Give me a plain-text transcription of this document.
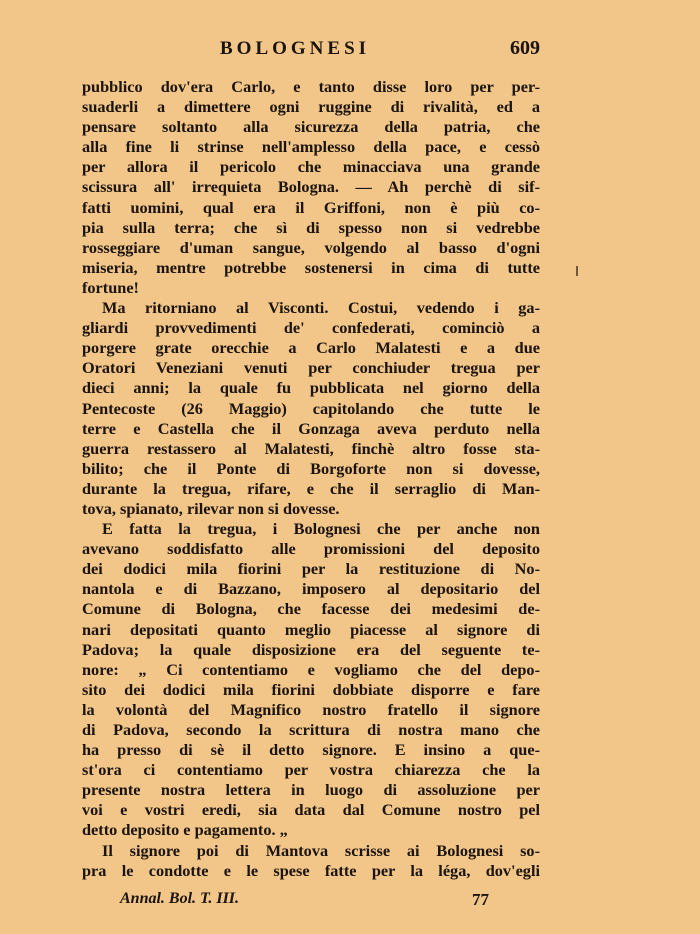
BOLOGNESI	609
pubblico dov'era Carlo, e tanto disse loro per per-
suaderli a dimettere ogni ruggine di rivalità, ed a
pensare soltanto alla sicurezza della patria, che
alla fine li strinse nell'amplesso della pace, e cessò
per allora il pericolo che minacciava una grande
scissura all' irrequieta Bologna. — Ah perchè di sif-
fatti uomini, qual era il Griffoni, non è più co-
pia sulla terra; che sì di spesso non si vedrebbe
rosseggiare d'uman sangue, volgendo al basso d'ogni
miseria, mentre potrebbe sostenersi in cima di tutte
fortune!
Ma ritorniano al Visconti. Costui, vedendo i ga-
gliardi provvedimenti de' confederati, cominciò a
porgere grate orecchie a Carlo Malatesti e a due
Oratori Veneziani venuti per conchiuder tregua per
dieci anni; la quale fu pubblicata nel giorno della
Pentecoste (26 Maggio) capitolando che tutte le
terre e Castella che il Gonzaga aveva perduto nella
guerra restassero al Malatesti, finchè altro fosse sta-
bilito; che il Ponte di Borgoforte non si dovesse,
durante la tregua, rifare, e che il serraglio di Man-
tova, spianato, rilevar non si dovesse.
E fatta la tregua, i Bolognesi che per anche non
avevano soddisfatto alle promissioni del deposito
dei dodici mila fiorini per la restituzione di No-
nantola e di Bazzano, imposero al depositario del
Comune di Bologna, che facesse dei medesimi de-
nari depositati quanto meglio piacesse al signore di
Padova; la quale disposizione era del seguente te-
nore: „ Ci contentiamo e vogliamo che del depo-
sito dei dodici mila fiorini dobbiate disporre e fare
la volontà del Magnifico nostro fratello il signore
di Padova, secondo la scrittura di nostra mano che
ha presso di sè il detto signore. E insino a que-
st'ora ci contentiamo per vostra chiarezza che la
presente nostra lettera in luogo di assoluzione per
voi e vostri eredi, sia data dal Comune nostro pel
detto deposito e pagamento. „
Il signore poi di Mantova scrisse ai Bolognesi so-
pra le condotte e le spese fatte per la léga, dov'egli
Annal. Bol. T. III.	77
